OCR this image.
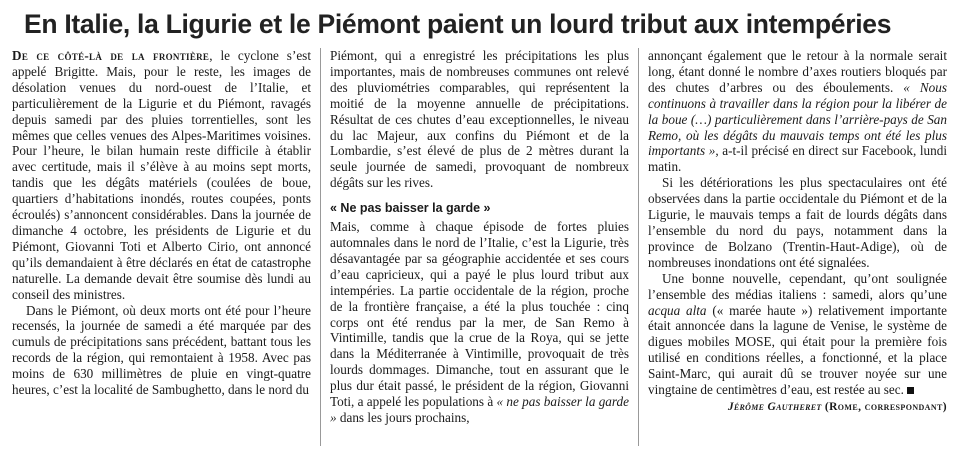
En Italie, la Ligurie et le Piémont paient un lourd tribut aux intempéries

De ce côté-là de la frontière, le cyclone s’est appelé Brigitte. Mais, pour le reste, les images de désolation venues du nord-ouest de l’Italie, et particulièrement de la Ligurie et du Piémont, ravagés depuis samedi par des pluies torrentielles, sont les mêmes que celles venues des Alpes-Maritimes voisines. Pour l’heure, le bilan humain reste difficile à établir avec certitude, mais il s’élève à au moins sept morts, tandis que les dégâts matériels (coulées de boue, quartiers d’habitations inondés, routes coupées, ponts écroulés) s’annoncent considérables. Dans la journée de dimanche 4 octobre, les présidents de Ligurie et du Piémont, Giovanni Toti et Alberto Cirio, ont annoncé qu’ils demandaient à être déclarés en état de catastrophe naturelle. La demande devait être soumise dès lundi au conseil des ministres.

Dans le Piémont, où deux morts ont été pour l’heure recensés, la journée de samedi a été marquée par des cumuls de précipitations sans précédent, battant tous les records de la région, qui remontaient à 1958. Avec pas moins de 630 millimètres de pluie en vingt-quatre heures, c’est la localité de Sambughetto, dans le nord du

Piémont, qui a enregistré les précipitations les plus importantes, mais de nombreuses communes ont relevé des pluviométries comparables, qui représentent la moitié de la moyenne annuelle de précipitations. Résultat de ces chutes d’eau exceptionnelles, le niveau du lac Majeur, aux confins du Piémont et de la Lombardie, s’est élevé de plus de 2 mètres durant la seule journée de samedi, provoquant de nombreux dégâts sur les rives.

« Ne pas baisser la garde »

Mais, comme à chaque épisode de fortes pluies automnales dans le nord de l’Italie, c’est la Ligurie, très désavantagée par sa géographie accidentée et ses cours d’eau capricieux, qui a payé le plus lourd tribut aux intempéries. La partie occidentale de la région, proche de la frontière française, a été la plus touchée : cinq corps ont été rendus par la mer, de San Remo à Vintimille, tandis que la crue de la Roya, qui se jette dans la Méditerranée à Vintimille, provoquait de très lourds dommages. Dimanche, tout en assurant que le plus dur était passé, le président de la région, Giovanni Toti, a appelé les populations à « ne pas baisser la garde » dans les jours prochains,

annonçant également que le retour à la normale serait long, étant donné le nombre d’axes routiers bloqués par des chutes d’arbres ou des éboulements. « Nous continuons à travailler dans la région pour la libérer de la boue (…) particulièrement dans l’arrière-pays de San Remo, où les dégâts du mauvais temps ont été les plus importants », a-t-il précisé en direct sur Facebook, lundi matin.

Si les détériorations les plus spectaculaires ont été observées dans la partie occidentale du Piémont et de la Ligurie, le mauvais temps a fait de lourds dégâts dans l’ensemble du nord du pays, notamment dans la province de Bolzano (Trentin-Haut-Adige), où de nombreuses inondations ont été signalées.

Une bonne nouvelle, cependant, qu’ont soulignée l’ensemble des médias italiens : samedi, alors qu’une acqua alta (« marée haute ») relativement importante était annoncée dans la lagune de Venise, le système de digues mobiles MOSE, qui était pour la première fois utilisé en conditions réelles, a fonctionné, et la place Saint-Marc, qui aurait dû se trouver noyée sur une vingtaine de centimètres d’eau, est restée au sec.

Jérôme Gautheret (Rome, correspondant)
